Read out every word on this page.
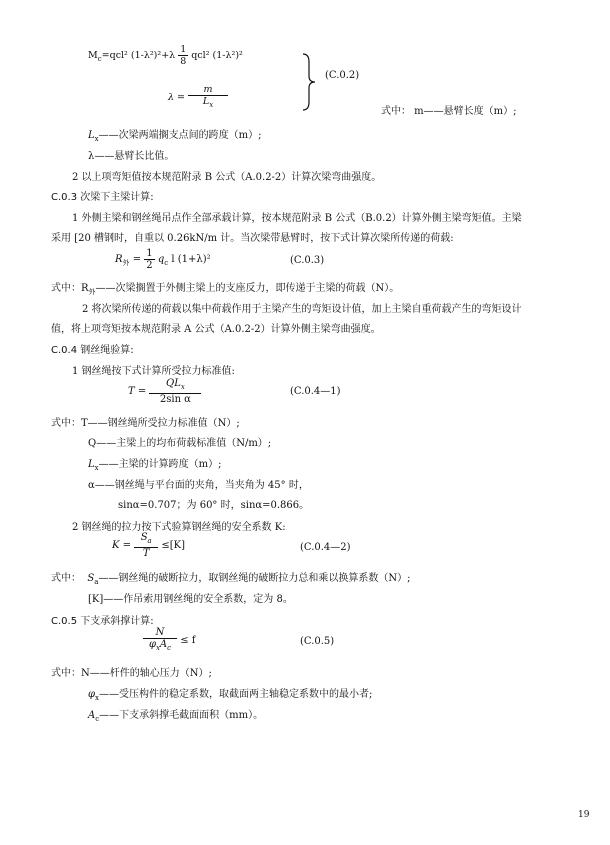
$M_c=qcl^2$ $(1-\lambda^2)^2+\lambda \frac{1}{8} qcl^2$ (1-λ²)²
$\lambda = \frac{m}{L_x}$
(C.0.2)
式中： m——悬臂长度（m）;
$L_x——$次梁两端搁支点间的跨度（m）;
λ——悬臂长比值。
2 以上项弯矩值按本规范附录 B 公式（A.0.2-2）计算次梁弯曲强度。
C.0.3 次梁下主梁计算:
1 外侧主梁和钢丝绳吊点作全部承载计算，按本规范附录 B 公式（B.0.2）计算外侧主梁弯矩值。主梁
采用 [20 槽钢时，自重以 0.26kN/m 计。当次梁带悬臂时，按下式计算次梁所传递的荷载:
$R_外 = \frac{1}{2} q_c$ l (1+λ)²	(C.0.3)
式中：$R_外——$次梁搁置于外侧主梁上的支座反力，即传递于主梁的荷载（N）。
2 将次梁所传递的荷载以集中荷载作用于主梁产生的弯矩设计值，加上主梁自重荷载产生的弯矩设计
值，将上项弯矩按本规范附录 A 公式（A.0.2-2）计算外侧主梁弯曲强度。
C.0.4 钢丝绳验算:
1 钢丝绳按下式计算所受拉力标准值:
$T = \frac{QL_x}{\text{2sin α}}$	(C.0.4—1)
式中：T——钢丝绳所受拉力标准值（N）;
Q——主梁上的均布荷载标准值（N/m）;
$L_x——$主梁的计算跨度（m）;
α——钢丝绳与平台面的夹角，当夹角为 45° 时，
sinα=0.707；为 60° 时，sinα=0.866。
2 钢丝绳的拉力按下式验算钢丝绳的安全系数 K:
$K = \frac{S_a}{T} \le[K]$	(C.0.4—2)
式中： $S_a——$钢丝绳的破断拉力，取钢丝绳的破断拉力总和乘以换算系数（N）;
[K]——作吊索用钢丝绳的安全系数，定为 8。
C.0.5 下支承斜撑计算:
$\frac{N}{\varphi_xA_c} \le f$	(C.0.5)
式中：N——杆件的轴心压力（N）;
$\varphi_x——$受压构件的稳定系数，取截面两主轴稳定系数中的最小者;
$A_c——$下支承斜撑毛截面面积（mm）。
19
